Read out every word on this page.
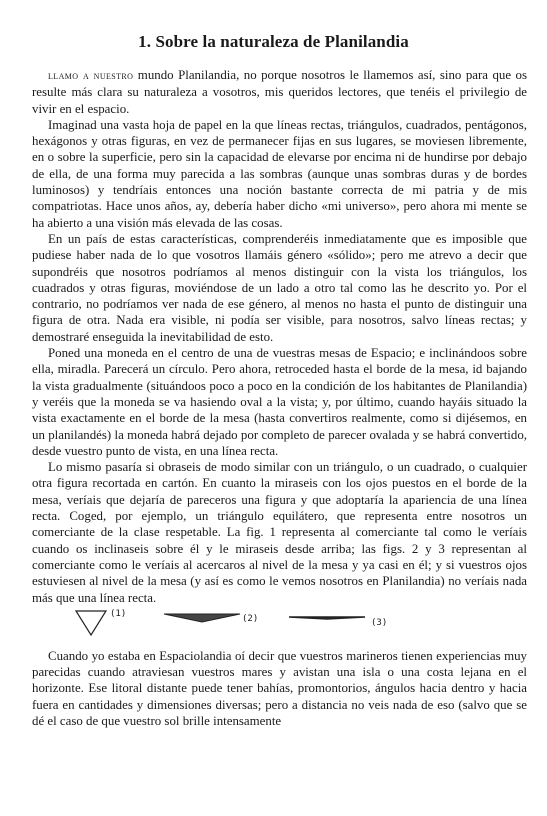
1. Sobre la naturaleza de Planilandia

llamo a nuestro mundo Planilandia, no porque nosotros le llamemos así, sino para que os resulte más clara su naturaleza a vosotros, mis queridos lectores, que tenéis el privilegio de vivir en el espacio.

Imaginad una vasta hoja de papel en la que líneas rectas, triángulos, cuadrados, pentágonos, hexágonos y otras figuras, en vez de permanecer fijas en sus lugares, se moviesen libremente, en o sobre la superficie, pero sin la capacidad de elevarse por encima ni de hundirse por debajo de ella, de una forma muy parecida a las sombras (aunque unas sombras duras y de bordes luminosos) y tendríais entonces una noción bastante correcta de mi patria y de mis compatriotas. Hace unos años, ay, debería haber dicho «mi universo», pero ahora mi mente se ha abierto a una visión más elevada de las cosas.

En un país de estas características, comprenderéis inmediatamente que es imposible que pudiese haber nada de lo que vosotros llamáis género «sólido»; pero me atrevo a decir que supondréis que nosotros podríamos al menos distinguir con la vista los triángulos, los cuadrados y otras figuras, moviéndose de un lado a otro tal como las he descrito yo. Por el contrario, no podríamos ver nada de ese género, al menos no hasta el punto de distinguir una figura de otra. Nada era visible, ni podía ser visible, para nosotros, salvo líneas rectas; y demostraré enseguida la inevitabilidad de esto.

Poned una moneda en el centro de una de vuestras mesas de Espacio; e inclinándoos sobre ella, miradla. Parecerá un círculo. Pero ahora, retroceded hasta el borde de la mesa, id bajando la vista gradualmente (situándoos poco a poco en la condición de los habitantes de Planilandia) y veréis que la moneda se va hasiendo oval a la vista; y, por último, cuando hayáis situado la vista exactamente en el borde de la mesa (hasta convertiros realmente, como si dijésemos, en un planilandés) la moneda habrá dejado por completo de parecer ovalada y se habrá convertido, desde vuestro punto de vista, en una línea recta.

Lo mismo pasaría si obraseis de modo similar con un triángulo, o un cuadrado, o cualquier otra figura recortada en cartón. En cuanto la miraseis con los ojos puestos en el borde de la mesa, veríais que dejaría de pareceros una figura y que adoptaría la apariencia de una línea recta. Coged, por ejemplo, un triángulo equilátero, que representa entre nosotros un comerciante de la clase respetable. La fig. 1 representa al comerciante tal como le veríais cuando os inclinaseis sobre él y le miraseis desde arriba; las figs. 2 y 3 representan al comerciante como le veríais al acercaros al nivel de la mesa y ya casi en él; y si vuestros ojos estuviesen al nivel de la mesa (y así es como le vemos nosotros en Planilandia) no veríais nada más que una línea recta.

(1)	(2)	(3)

Cuando yo estaba en Espaciolandia oí decir que vuestros marineros tienen experiencias muy parecidas cuando atraviesan vuestros mares y avistan una isla o una costa lejana en el horizonte. Ese litoral distante puede tener bahías, promontorios, ángulos hacia dentro y hacia fuera en cantidades y dimensiones diversas; pero a distancia no veis nada de eso (salvo que se dé el caso de que vuestro sol brille intensamente
